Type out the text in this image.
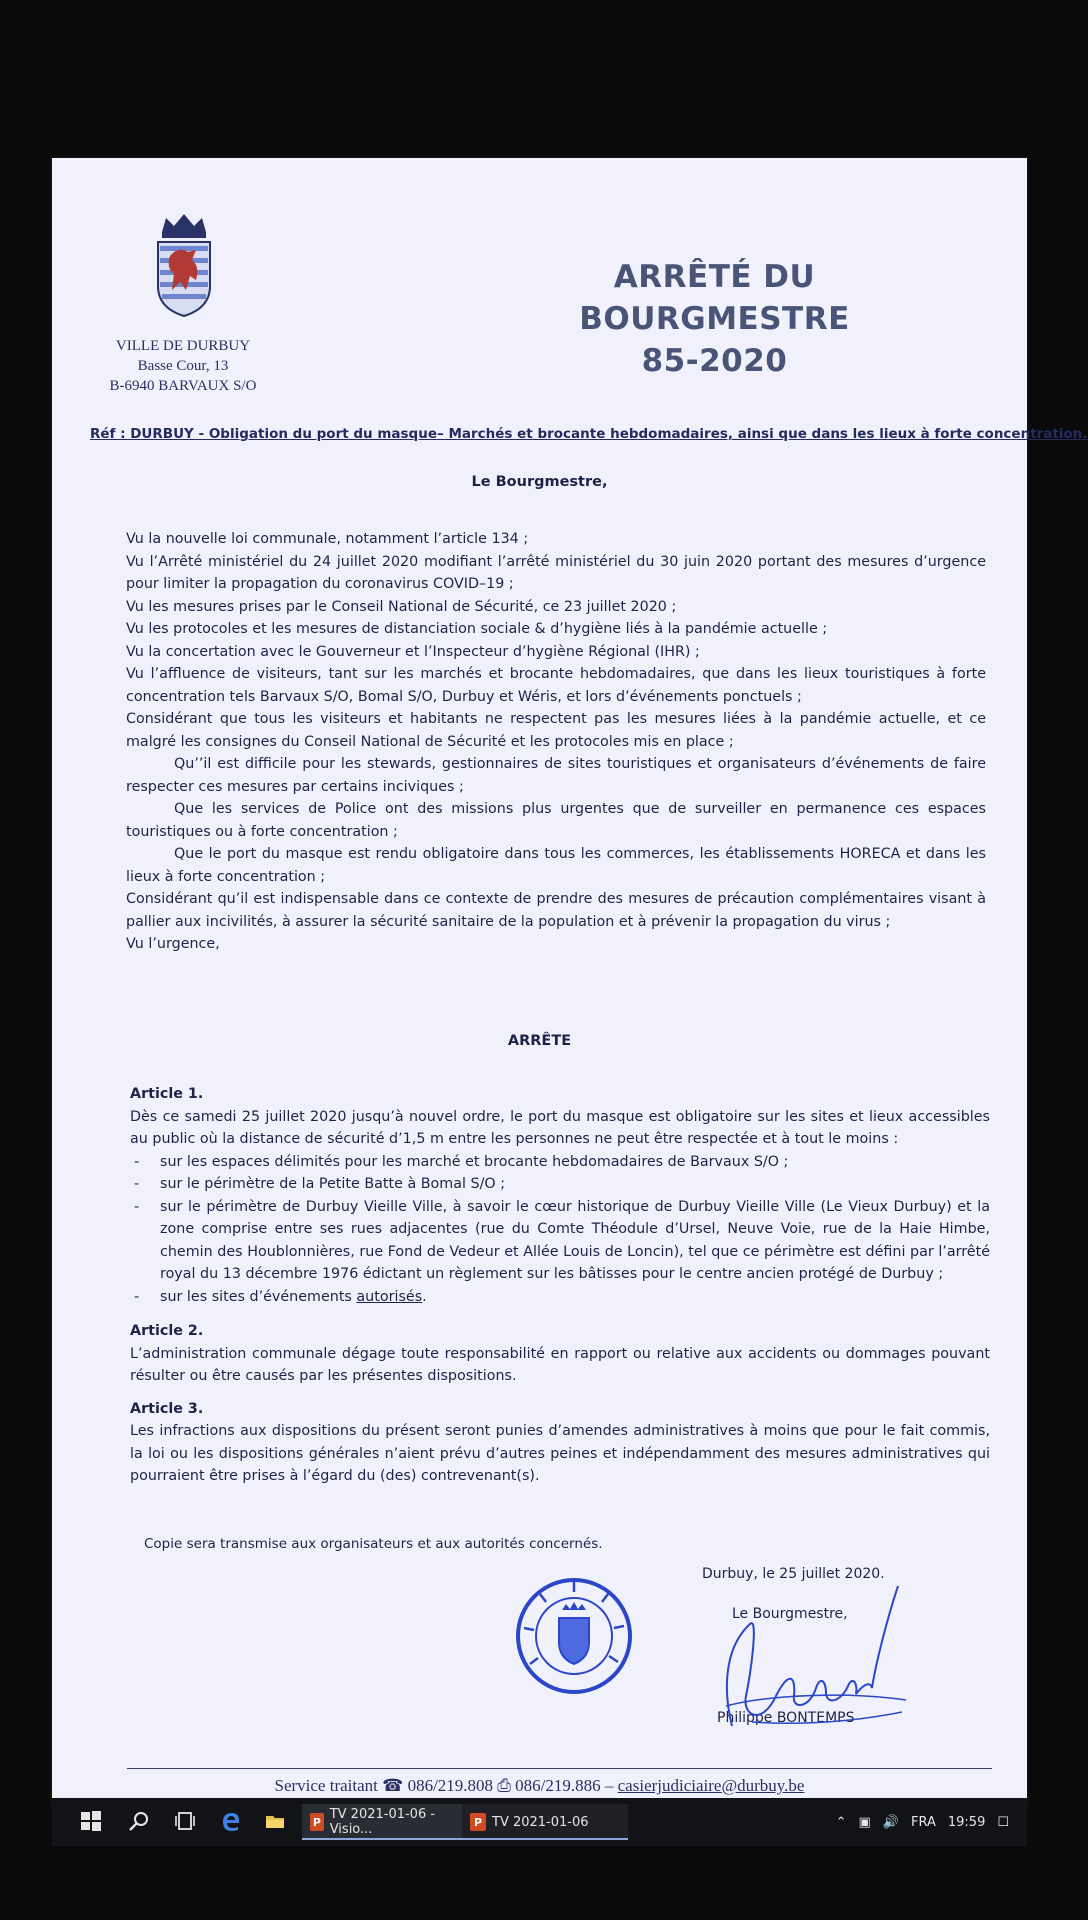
VILLE DE DURBUY
Basse Cour, 13
B-6940 BARVAUX S/O
ARRÊTÉ DU BOURGMESTRE
85-2020
Réf : DURBUY - Obligation du port du masque– Marchés et brocante hebdomadaires, ainsi que dans les lieux à forte concentration.
Le Bourgmestre,

Vu la nouvelle loi communale, notamment l’article 134 ;

Vu l’Arrêté ministériel du 24 juillet 2020 modifiant l’arrêté ministériel du 30 juin 2020 portant des mesures d’urgence pour limiter la propagation du coronavirus COVID–19 ;

Vu les mesures prises par le Conseil National de Sécurité, ce 23 juillet 2020 ;

Vu les protocoles et les mesures de distanciation sociale & d’hygiène liés à la pandémie actuelle ;

Vu la concertation avec le Gouverneur et l’Inspecteur d’hygiène Régional (IHR) ;

Vu l’affluence de visiteurs, tant sur les marchés et brocante hebdomadaires, que dans les lieux touristiques à forte concentration tels Barvaux S/O, Bomal S/O, Durbuy et Wéris, et lors d’événements ponctuels ;

Considérant que tous les visiteurs et habitants ne respectent pas les mesures liées à la pandémie actuelle, et ce malgré les consignes du Conseil National de Sécurité et les protocoles mis en place ;

Qu’’il est difficile pour les stewards, gestionnaires de sites touristiques et organisateurs d’événements de faire respecter ces mesures par certains inciviques ;

Que les services de Police ont des missions plus urgentes que de surveiller en permanence ces espaces touristiques ou à forte concentration ;

Que le port du masque est rendu obligatoire dans tous les commerces, les établissements HORECA et dans les lieux à forte concentration ;

Considérant qu’il est indispensable dans ce contexte de prendre des mesures de précaution complémentaires visant à pallier aux incivilités, à assurer la sécurité sanitaire de la population et à prévenir la propagation du virus ;

Vu l’urgence,

ARRÊTE

Article 1.

Dès ce samedi 25 juillet 2020 jusqu’à nouvel ordre, le port du masque est obligatoire sur les sites et lieux accessibles au public où la distance de sécurité d’1,5 m entre les personnes ne peut être respectée et à tout le moins :

- sur les espaces délimités pour les marché et brocante hebdomadaires de Barvaux S/O ;
- sur le périmètre de la Petite Batte à Bomal S/O ;
- sur le périmètre de Durbuy Vieille Ville, à savoir le cœur historique de Durbuy Vieille Ville (Le Vieux Durbuy) et la zone comprise entre ses rues adjacentes (rue du Comte Théodule d’Ursel, Neuve Voie, rue de la Haie Himbe, chemin des Houblonnières, rue Fond de Vedeur et Allée Louis de Loncin), tel que ce périmètre est défini par l’arrêté royal du 13 décembre 1976 édictant un règlement sur les bâtisses pour le centre ancien protégé de Durbuy ;
- sur les sites d’événements autorisés.

Article 2.

L’administration communale dégage toute responsabilité en rapport ou relative aux accidents ou dommages pouvant résulter ou être causés par les présentes dispositions.

Article 3.

Les infractions aux dispositions du présent seront punies d’amendes administratives à moins que pour le fait commis, la loi ou les dispositions générales n’aient prévu d’autres peines et indépendamment des mesures administratives qui pourraient être prises à l’égard du (des) contrevenant(s).

Copie sera transmise aux organisateurs et aux autorités concernés.
Durbuy, le 25 juillet 2020.
Le Bourgmestre,
Philippe BONTEMPS
Service traitant ☎ 086/219.808 ⎙ 086/219.886 – casierjudiciaire@durbuy.be
P TV 2021-01-06 - Visio...	P TV 2021-01-06	⌃ ▣ 🔊 FRA 19:59 ☐
